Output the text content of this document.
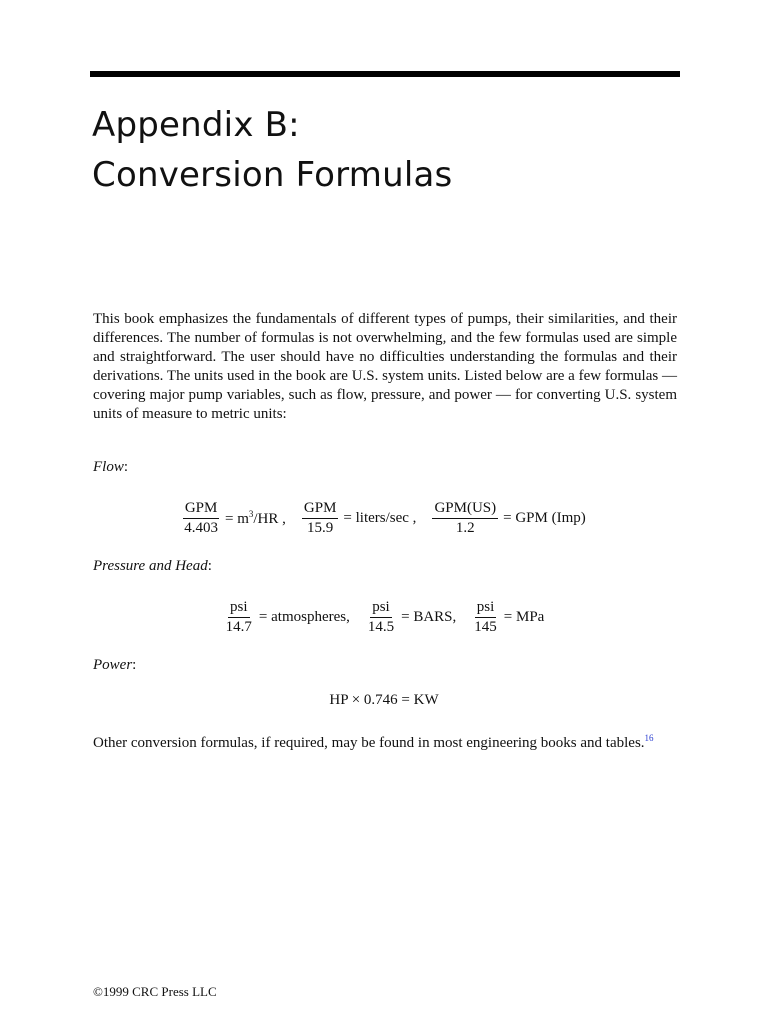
Appendix B:
Conversion Formulas

This book emphasizes the fundamentals of different types of pumps, their similarities, and their differences. The number of formulas is not overwhelming, and the few formulas used are simple and straightforward. The user should have no difficulties understanding the formulas and their derivations. The units used in the book are U.S. system units. Listed below are a few formulas — covering major pump variables, such as flow, pressure, and power — for converting U.S. system units of measure to metric units:

Flow:

$\frac{\text{GPM}}{4.403} = m^3/HR$ , $\frac{\text{GPM}}{15.9}$ = liters/sec , $\frac{\text{GPM(US)}}{1.2}$ = GPM (Imp)

Pressure and Head:

$\frac{\text{psi}}{14.7}$ = atmospheres, $\frac{\text{psi}}{14.5}$ = BARS, $\frac{\text{psi}}{145}$ = MPa

Power:

HP × 0.746 = KW

Other conversion formulas, if required, may be found in most engineering books and tables.$^{16}$

©1999 CRC Press LLC
